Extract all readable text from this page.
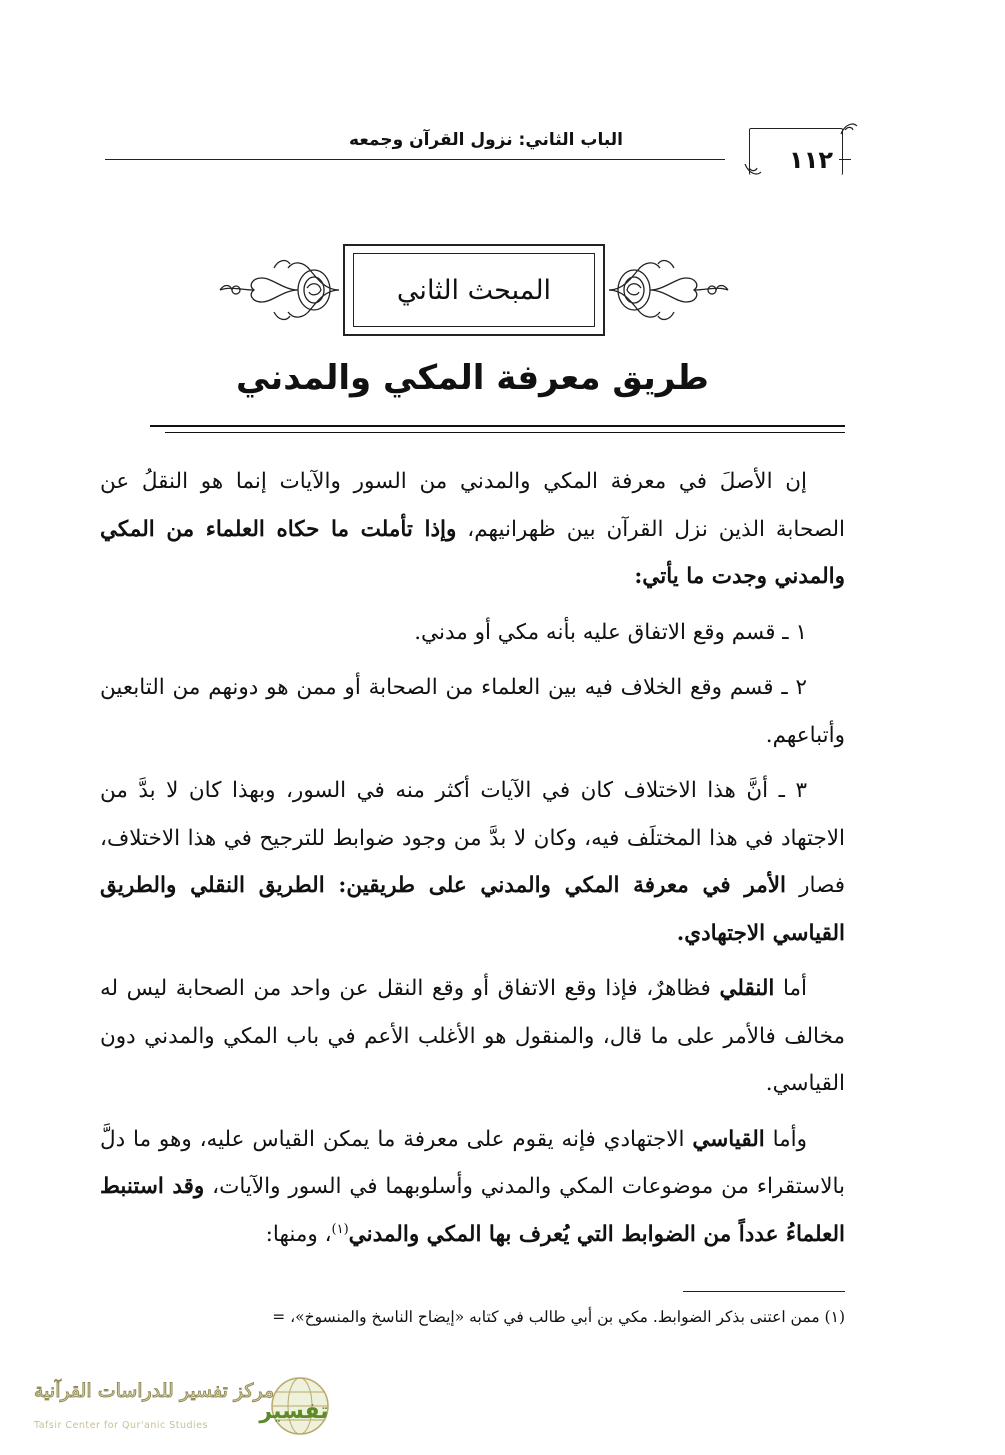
الباب الثاني: نزول القرآن وجمعه
١١٢
المبحث الثاني
طريق معرفة المكي والمدني

إن الأصلَ في معرفة المكي والمدني من السور والآيات إنما هو النقلُ عن الصحابة الذين نزل القرآن بين ظهرانيهم، وإذا تأملت ما حكاه العلماء من المكي والمدني وجدت ما يأتي:

١ ـ قسم وقع الاتفاق عليه بأنه مكي أو مدني.

٢ ـ قسم وقع الخلاف فيه بين العلماء من الصحابة أو ممن هو دونهم من التابعين وأتباعهم.

٣ ـ أنَّ هذا الاختلاف كان في الآيات أكثر منه في السور، وبهذا كان لا بدَّ من الاجتهاد في هذا المختلَف فيه، وكان لا بدَّ من وجود ضوابط للترجيح في هذا الاختلاف، فصار الأمر في معرفة المكي والمدني على طريقين: الطريق النقلي والطريق القياسي الاجتهادي.

أما النقلي فظاهرٌ، فإذا وقع الاتفاق أو وقع النقل عن واحد من الصحابة ليس له مخالف فالأمر على ما قال، والمنقول هو الأغلب الأعم في باب المكي والمدني دون القياسي.

وأما القياسي الاجتهادي فإنه يقوم على معرفة ما يمكن القياس عليه، وهو ما دلَّ بالاستقراء من موضوعات المكي والمدني وأسلوبهما في السور والآيات، وقد استنبط العلماءُ عدداً من الضوابط التي يُعرف بها المكي والمدني$^{(١)}$، ومنها:

(١) ممن اعتنى بذكر الضوابط. مكي بن أبي طالب في كتابه «إيضاح الناسخ والمنسوخ»، =
مركز تفسير للدراسات القرآنية
Tafsir Center for Qur'anic Studies
تفسير
